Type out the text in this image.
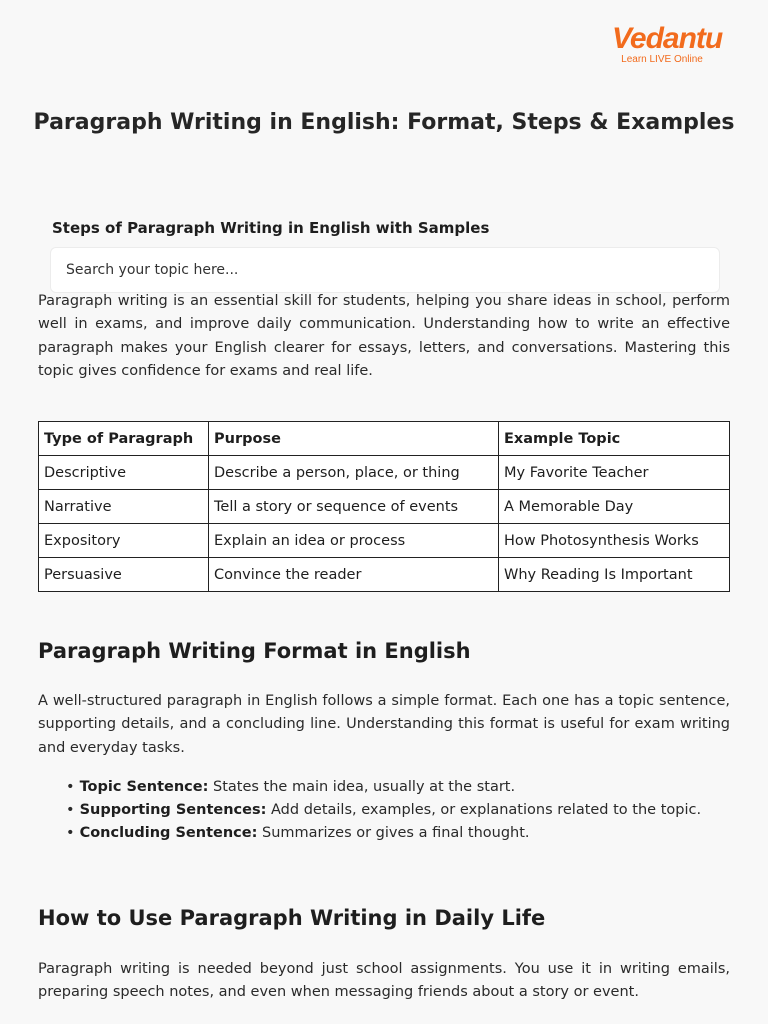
Vedantu
Learn LIVE Online
Paragraph Writing in English: Format, Steps & Examples
Steps of Paragraph Writing in English with Samples
Search your topic here...

Paragraph writing is an essential skill for students, helping you share ideas in school, perform well in exams, and improve daily communication. Understanding how to write an effective paragraph makes your English clearer for essays, letters, and conversations. Mastering this topic gives confidence for exams and real life.

Type of Paragraph	Purpose	Example Topic
Descriptive	Describe a person, place, or thing	My Favorite Teacher
Narrative	Tell a story or sequence of events	A Memorable Day
Expository	Explain an idea or process	How Photosynthesis Works
Persuasive	Convince the reader	Why Reading Is Important
Paragraph Writing Format in English

A well-structured paragraph in English follows a simple format. Each one has a topic sentence, supporting details, and a concluding line. Understanding this format is useful for exam writing and everyday tasks.

• Topic Sentence: States the main idea, usually at the start.
• Supporting Sentences: Add details, examples, or explanations related to the topic.
• Concluding Sentence: Summarizes or gives a final thought.
How to Use Paragraph Writing in Daily Life

Paragraph writing is needed beyond just school assignments. You use it in writing emails, preparing speech notes, and even when messaging friends about a story or event.
